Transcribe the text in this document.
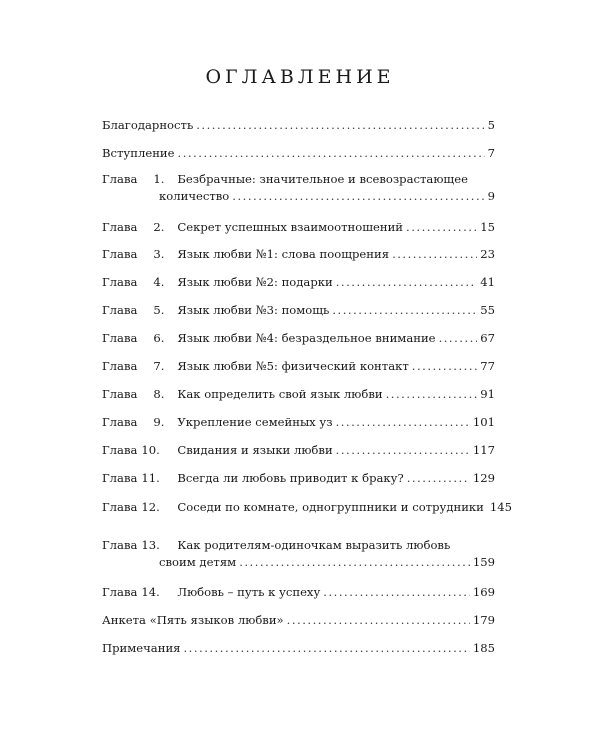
ОГЛАВЛЕНИЕ
Благодарность .....	5
Вступление .....	7
Глава	1.	Безбрачные: значительное и всевозрастающее
количество .....	9
Глава	2.	Секрет успешных взаимоотношений .....	15
Глава	3.	Язык любви №1: слова поощрения .....	23
Глава	4.	Язык любви №2: подарки .....	41
Глава	5.	Язык любви №3: помощь .....	55
Глава	6.	Язык любви №4: безраздельное внимание .....	67
Глава	7.	Язык любви №5: физический контакт .....	77
Глава	8.	Как определить свой язык любви .....	91
Глава	9.	Укрепление семейных уз .....	101
Глава 10.	Свидания и языки любви .....	117
Глава 11.	Всегда ли любовь приводит к браку? .....	129
Глава 12.	Соседи по комнате, одногруппники и сотрудники 145
Глава 13.	Как родителям-одиночкам выразить любовь
своим детям .....	159
Глава 14.	Любовь – путь к успеху .....	169
Анкета «Пять языков любви» .....	179
Примечания .....	185
